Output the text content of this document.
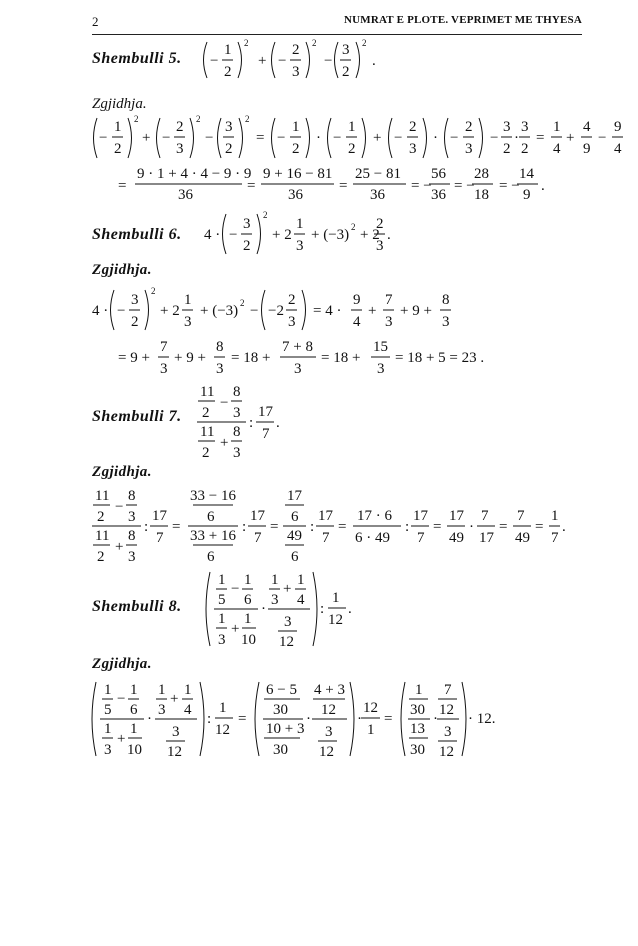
2	NUMRAT E PLOTE. VEPRIMET ME THYESA
Shembulli 5. −
1
2
2
+ −
2
3
2
−
3
2
2
.
Zgjidhja.
−
1
2
2
+ −
2
3
2
−
3
2
2
= −
1
2
· −
1
2
+ −
2
3
· −
2
3
−
3
2
·
3
2
=
1
4
+
4
9
−
9
4
=
9 · 1 + 4 · 4 − 9 · 9
36
=
9 + 16 − 81
36
=
25 − 81
36
= −
56
36
= −
28
18
= −
14
9
.
Shembulli 6. 4 · −
3
2
2
+ 2
1
3
+ (−3) 2 + 2
2
3
.
Zgjidhja.
4 · −
3
2
2
+ 2
1
3
+ (−3) 2 − −2
2
3
= 4 ·
9
4
+
7
3
+ 9 +
8
3
= 9 +
7
3
+ 9 +
8
3
= 18 +
7 + 8
3
= 18 +
15
3
= 18 + 5 = 23 .
Shembulli 7.
11
2
−
8
3
11
2
+
8
3
:
17
7
.
Zgjidhja.
11
2
−
8
3
11
2
+
8
3
:
17
7
=
33 − 16
6
33 + 16
6
:
17
7
=
17
6
49
6
:
17
7
=
17 · 6
6 · 49
:
17
7
=
17
49
·
7
17
=
7
49
=
1
7
.
Shembulli 8.
1
5
−
1
6
1
3
+
1
10
·
1
3
+
1
4
3
12
:
1
12
.
Zgjidhja.
1
5
−
1
6
1
3
+
1
10
·
1
3
+
1
4
3
12
:
1
12
=
6 − 5
30
10 + 3
30
·
4 + 3
12
3
12
·
12
1
=
1
30
13
30
·
7
12
3
12
· 12.
